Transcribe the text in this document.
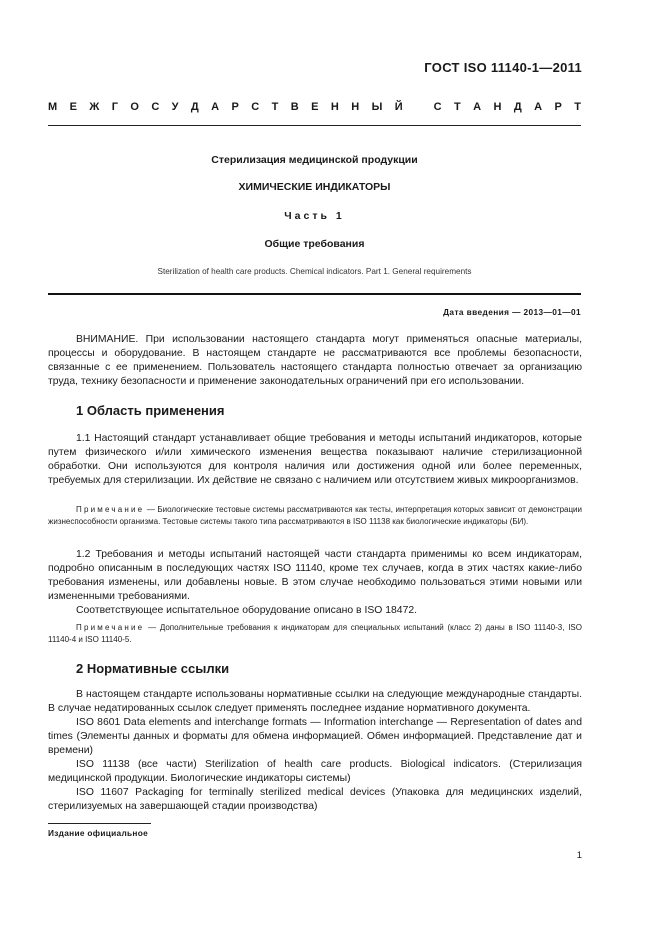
ГОСТ ISO 11140-1—2011
М Е Ж Г О С У Д А Р С Т В Е Н Н Ы Й
	С Т А Н Д А Р Т
Стерилизация медицинской продукции
ХИМИЧЕСКИЕ ИНДИКАТОРЫ
Часть 1
Общие требования
Sterilization of health care products. Chemical indicators. Part 1. General requirements
Дата введения — 2013—01—01
ВНИМАНИЕ. При использовании настоящего стандарта могут применяться опасные материалы, процессы и оборудование. В настоящем стандарте не рассматриваются все проблемы безопасности, связанные с ее применением. Пользователь настоящего стандарта полностью отвечает за организацию труда, технику безопасности и применение законодательных ограничений при его использовании.
1 Область применения
1.1 Настоящий стандарт устанавливает общие требования и методы испытаний индикаторов, которые путем физического и/или химического изменения вещества показывают наличие стерилизационной обработки. Они используются для контроля наличия или достижения одной или более переменных, требуемых для стерилизации. Их действие не связано с наличием или отсутствием живых микроорганизмов.
Примечание — Биологические тестовые системы рассматриваются как тесты, интерпретация которых зависит от демонстрации жизнеспособности организма. Тестовые системы такого типа рассматриваются в ISO 11138 как биологические индикаторы (БИ).
1.2 Требования и методы испытаний настоящей части стандарта применимы ко всем индикаторам, подробно описанным в последующих частях ISO 11140, кроме тех случаев, когда в этих частях какие-либо требования изменены, или добавлены новые. В этом случае необходимо пользоваться этими новыми или измененными требованиями.
Соответствующее испытательное оборудование описано в ISO 18472.
Примечание — Дополнительные требования к индикаторам для специальных испытаний (класс 2) даны в ISO 11140-3, ISO 11140-4 и ISO 11140-5.
2 Нормативные ссылки
В настоящем стандарте использованы нормативные ссылки на следующие международные стандарты. В случае недатированных ссылок следует применять последнее издание нормативного документа.
ISO 8601 Data elements and interchange formats — Information interchange — Representation of dates and times (Элементы данных и форматы для обмена информацией. Обмен информацией. Представление дат и времени)
ISO 11138 (все части) Sterilization of health care products. Biological indicators. (Стерилизация медицинской продукции. Биологические индикаторы системы)
ISO 11607 Packaging for terminally sterilized medical devices (Упаковка для медицинских изделий, стерилизуемых на завершающей стадии производства)
Издание официальное
1
